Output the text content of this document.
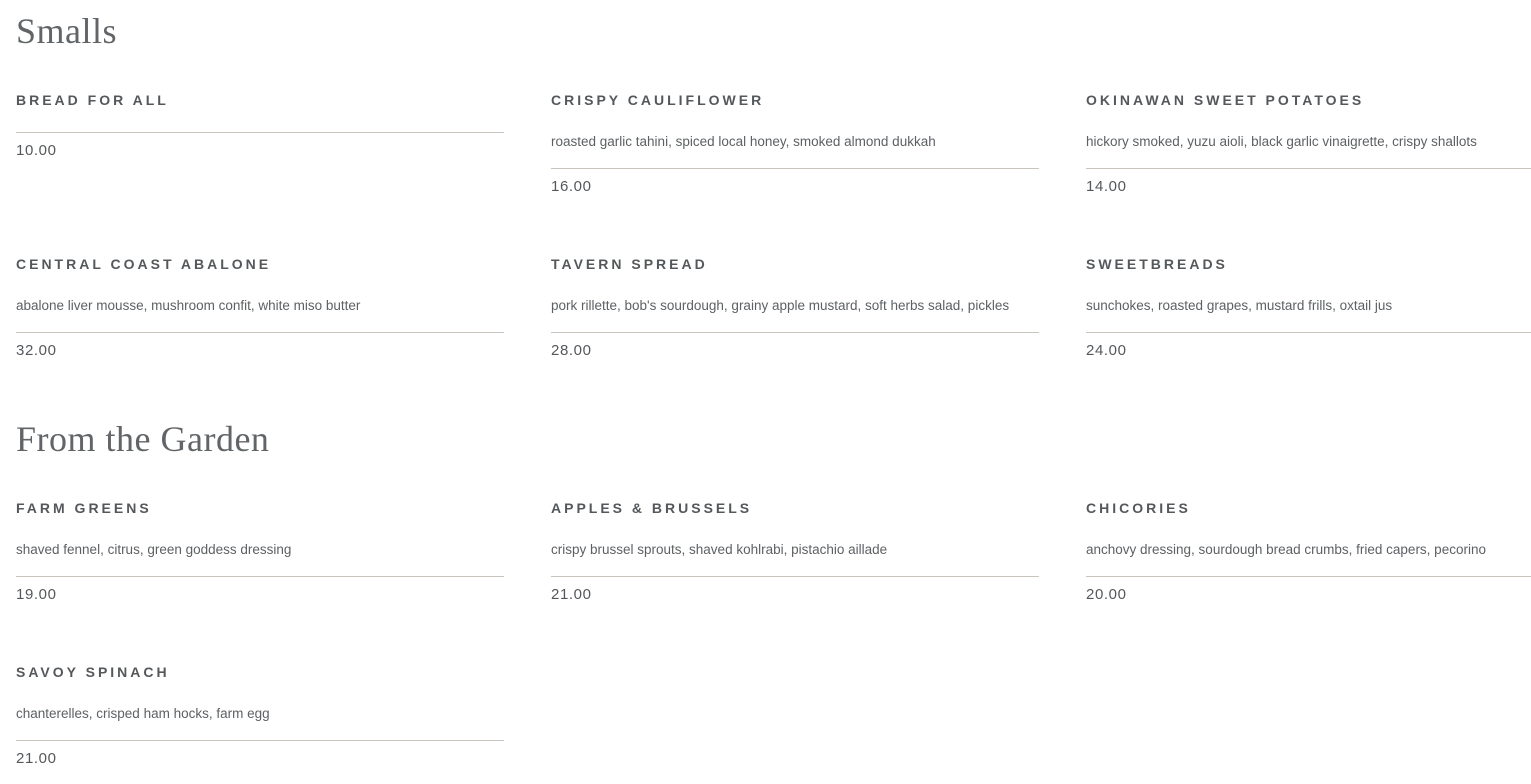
Smalls
BREAD FOR ALL
10.00
CRISPY CAULIFLOWER

roasted garlic tahini, spiced local honey, smoked almond dukkah

16.00
OKINAWAN SWEET POTATOES

hickory smoked, yuzu aioli, black garlic vinaigrette, crispy shallots

14.00
CENTRAL COAST ABALONE

abalone liver mousse, mushroom confit, white miso butter

32.00
TAVERN SPREAD

pork rillette, bob's sourdough, grainy apple mustard, soft herbs salad, pickles

28.00
SWEETBREADS

sunchokes, roasted grapes, mustard frills, oxtail jus

24.00
From the Garden
FARM GREENS

shaved fennel, citrus, green goddess dressing

19.00
APPLES & BRUSSELS

crispy brussel sprouts, shaved kohlrabi, pistachio aillade

21.00
CHICORIES

anchovy dressing, sourdough bread crumbs, fried capers, pecorino

20.00
SAVOY SPINACH

chanterelles, crisped ham hocks, farm egg

21.00
